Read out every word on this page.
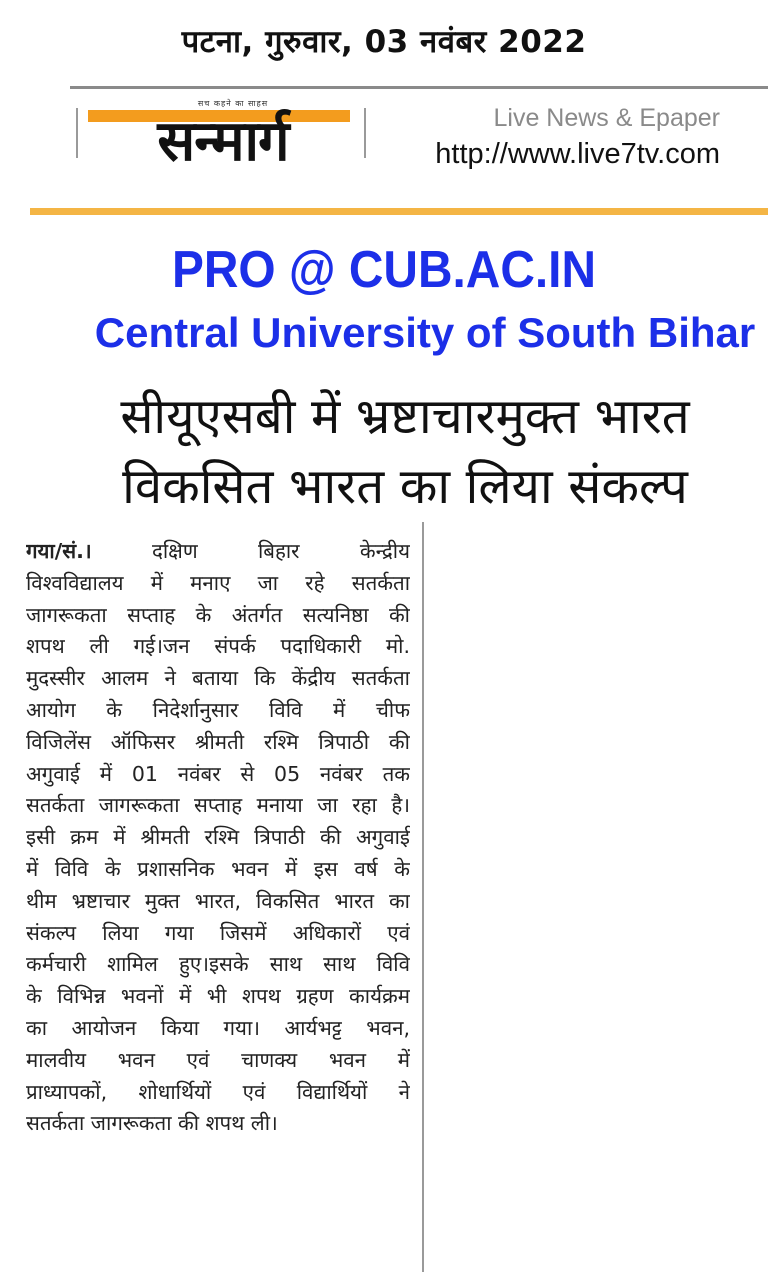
पटना, गुरुवार, 03 नवंबर 2022
सच कहने का साहस
सन्मार्ग	Live News & Epaper
http://www.live7tv.com
PRO @ CUB.AC.IN
Central University of South Bihar
सीयूएसबी में भ्रष्टाचारमुक्त भारत
विकसित भारत का लिया संकल्प
गया/सं.।	दक्षिण बिहार केन्द्रीय
विश्वविद्यालय में मनाए जा रहे सतर्कता
जागरूकता सप्ताह के अंतर्गत सत्यनिष्ठा की
शपथ ली गई।जन संपर्क पदाधिकारी मो.
मुदस्सीर आलम ने बताया कि केंद्रीय सतर्कता
आयोग के निदेर्शानुसार विवि में चीफ
विजिलेंस ऑफिसर श्रीमती रश्मि त्रिपाठी की
अगुवाई में 01 नवंबर से 05 नवंबर तक
सतर्कता जागरूकता सप्ताह मनाया जा रहा है।
इसी क्रम में श्रीमती रश्मि त्रिपाठी की अगुवाई
में विवि के प्रशासनिक भवन में इस वर्ष के
थीम भ्रष्टाचार मुक्त भारत, विकसित भारत का
संकल्प लिया गया जिसमें अधिकारों एवं
कर्मचारी शामिल हुए।इसके साथ साथ विवि
के विभिन्न भवनों में भी शपथ ग्रहण कार्यक्रम
का आयोजन किया गया। आर्यभट्ट भवन,
मालवीय भवन एवं चाणक्य भवन में
प्राध्यापकों, शोधार्थियों एवं विद्यार्थियों ने
सतर्कता जागरूकता की शपथ ली।
